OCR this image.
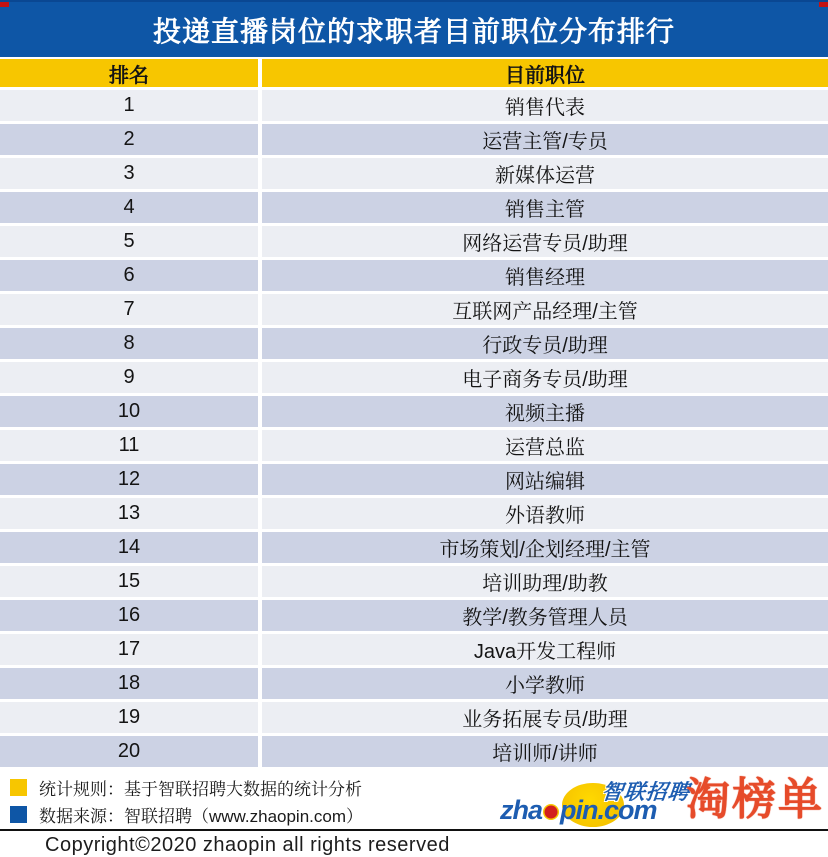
投递直播岗位的求职者目前职位分布排行
排名	目前职位
1	销售代表
2	运营主管/专员
3	新媒体运营
4	销售主管
5	网络运营专员/助理
6	销售经理
7	互联网产品经理/主管
8	行政专员/助理
9	电子商务专员/助理
10	视频主播
11	运营总监
12	网站编辑
13	外语教师
14	市场策划/企划经理/主管
15	培训助理/助教
16	教学/教务管理人员
17	Java开发工程师
18	小学教师
19	业务拓展专员/助理
20	培训师/讲师
统计规则：基于智联招聘大数据的统计分析
数据来源：智联招聘（www.zhaopin.com）
智联招聘
zha pin.com 淘榜单
Copyright©2020 zhaopin all rights reserved
